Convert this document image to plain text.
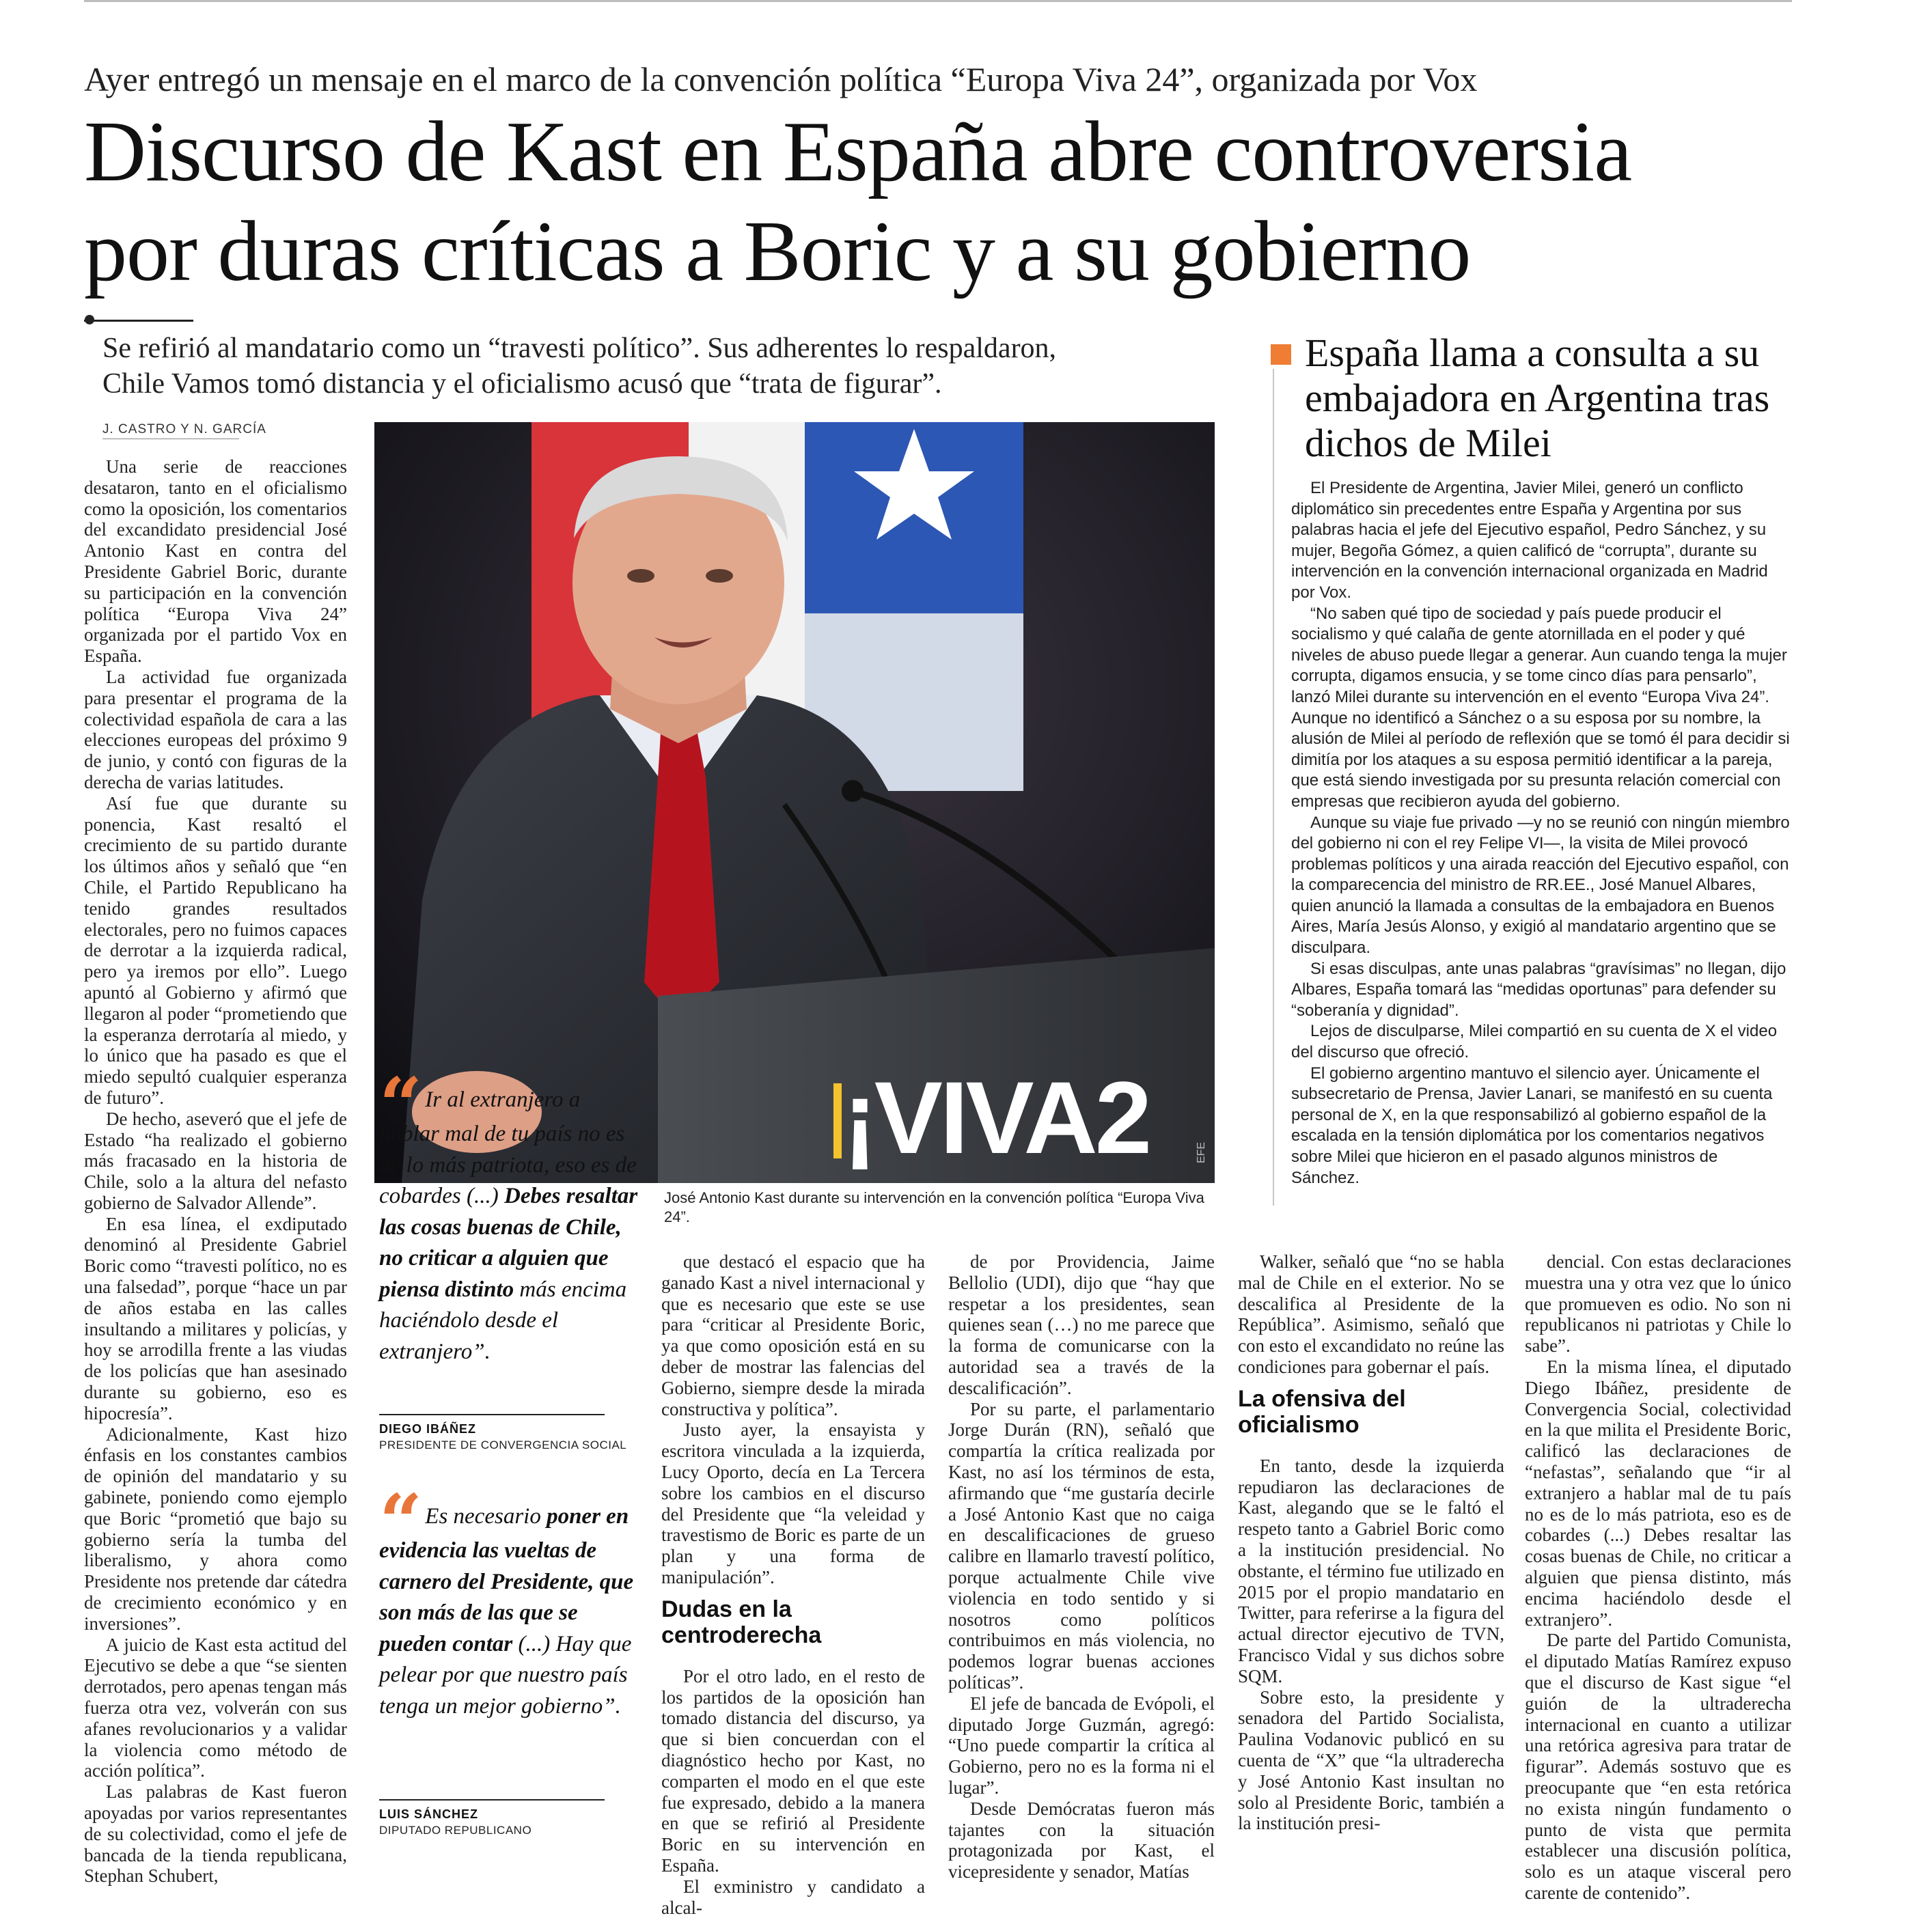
Ayer entregó un mensaje en el marco de la convención política “Europa Viva 24”, organizada por Vox
Discurso de Kast en España abre controversia
por duras críticas a Boric y a su gobierno
Se refirió al mandatario como un “travesti político”. Sus adherentes lo respaldaron,
Chile Vamos tomó distancia y el oficialismo acusó que “trata de figurar”.
J. CASTRO Y N. GARCÍA

Una serie de reacciones desataron, tanto en el oficialismo como la oposición, los comentarios del excandidato presidencial José Antonio Kast en contra del Presidente Gabriel Boric, durante su participación en la convención política “Europa Viva 24” organizada por el partido Vox en España.

La actividad fue organizada para presentar el programa de la colectividad española de cara a las elecciones europeas del próximo 9 de junio, y contó con figuras de la derecha de varias latitudes.

Así fue que durante su ponencia, Kast resaltó el crecimiento de su partido durante los últimos años y señaló que “en Chile, el Partido Republicano ha tenido grandes resultados electorales, pero no fuimos capaces de derrotar a la izquierda radical, pero ya iremos por ello”. Luego apuntó al Gobierno y afirmó que llegaron al poder “prometiendo que la esperanza derrotaría al miedo, y lo único que ha pasado es que el miedo sepultó cualquier esperanza de futuro”.

De hecho, aseveró que el jefe de Estado “ha realizado el gobierno más fracasado en la historia de Chile, solo a la altura del nefasto gobierno de Salvador Allende”.

En esa línea, el exdiputado denominó al Presidente Gabriel Boric como “travesti político, no es una falsedad”, porque “hace un par de años estaba en las calles insultando a militares y policías, y hoy se arrodilla frente a las viudas de los policías que han asesinado durante su gobierno, eso es hipocresía”.

Adicionalmente, Kast hizo énfasis en los constantes cambios de opinión del mandatario y su gabinete, poniendo como ejemplo que Boric “prometió que bajo su gobierno sería la tumba del liberalismo, y ahora como Presidente nos pretende dar cátedra de crecimiento económico y en inversiones”.

A juicio de Kast esta actitud del Ejecutivo se debe a que “se sienten derrotados, pero apenas tengan más fuerza otra vez, volverán con sus afanes revolucionarios y a validar la violencia como método de acción política”.

Las palabras de Kast fueron apoyadas por varios representantes de su colectividad, como el jefe de bancada de la tienda republicana, Stephan Schubert,

¡VIVA2	EFE
José Antonio Kast durante su intervención en la convención política “Europa Viva 24”.
“ Ir al extranjero a hablar mal de tu país no es de lo más patriota, eso es de cobardes (...) Debes resaltar las cosas buenas de Chile, no criticar a alguien que piensa distinto más encima haciéndolo desde el extranjero”.
DIEGO IBÁÑEZ
PRESIDENTE DE CONVERGENCIA SOCIAL
“ Es necesario poner en evidencia las vueltas de carnero del Presidente, que son más de las que se pueden contar (...) Hay que pelear por que nuestro país tenga un mejor gobierno”.
LUIS SÁNCHEZ
DIPUTADO REPUBLICANO

que destacó el espacio que ha ganado Kast a nivel internacional y que es necesario que este se use para “criticar al Presidente Boric, ya que como oposición está en su deber de mostrar las falencias del Gobierno, siempre desde la mirada constructiva y política”.

Justo ayer, la ensayista y escritora vinculada a la izquierda, Lucy Oporto, decía en La Tercera sobre los cambios en el discurso del Presidente que “la veleidad y travestismo de Boric es parte de un plan y una forma de manipulación”.

Dudas en la centroderecha

Por el otro lado, en el resto de los partidos de la oposición han tomado distancia del discurso, ya que si bien concuerdan con el diagnóstico hecho por Kast, no comparten el modo en el que este fue expresado, debido a la manera en que se refirió al Presidente Boric en su intervención en España.

El exministro y candidato a alcal-

de por Providencia, Jaime Bellolio (UDI), dijo que “hay que respetar a los presidentes, sean quienes sean (…) no me parece que la forma de comunicarse con la autoridad sea a través de la descalificación”.

Por su parte, el parlamentario Jorge Durán (RN), señaló que compartía la crítica realizada por Kast, no así los términos de esta, afirmando que “me gustaría decirle a José Antonio Kast que no caiga en descalificaciones de grueso calibre en llamarlo travestí político, porque actualmente Chile vive violencia en todo sentido y si nosotros como políticos contribuimos en más violencia, no podemos lograr buenas acciones políticas”.

El jefe de bancada de Evópoli, el diputado Jorge Guzmán, agregó: “Uno puede compartir la crítica al Gobierno, pero no es la forma ni el lugar”.

Desde Demócratas fueron más tajantes con la situación protagonizada por Kast, el vicepresidente y senador, Matías

Walker, señaló que “no se habla mal de Chile en el exterior. No se descalifica al Presidente de la República”. Asimismo, señaló que con esto el excandidato no reúne las condiciones para gobernar el país.

La ofensiva del oficialismo

En tanto, desde la izquierda repudiaron las declaraciones de Kast, alegando que se le faltó el respeto tanto a Gabriel Boric como a la institución presidencial. No obstante, el término fue utilizado en 2015 por el propio mandatario en Twitter, para referirse a la figura del actual director ejecutivo de TVN, Francisco Vidal y sus dichos sobre SQM.

Sobre esto, la presidente y senadora del Partido Socialista, Paulina Vodanovic publicó en su cuenta de “X” que “la ultraderecha y José Antonio Kast insultan no solo al Presidente Boric, también a la institución presi-

dencial. Con estas declaraciones muestra una y otra vez que lo único que promueven es odio. No son ni republicanos ni patriotas y Chile lo sabe”.

En la misma línea, el diputado Diego Ibáñez, presidente de Convergencia Social, colectividad en la que milita el Presidente Boric, calificó las declaraciones de “nefastas”, señalando que “ir al extranjero a hablar mal de tu país no es de lo más patriota, eso es de cobardes (...) Debes resaltar las cosas buenas de Chile, no criticar a alguien que piensa distinto, más encima haciéndolo desde el extranjero”.

De parte del Partido Comunista, el diputado Matías Ramírez expuso que el discurso de Kast sigue “el guión de la ultraderecha internacional en cuanto a utilizar una retórica agresiva para tratar de figurar”. Además sostuvo que es preocupante que “en esta retórica no exista ningún fundamento o punto de vista que permita establecer una discusión política, solo es un ataque visceral pero carente de contenido”.

España llama a consulta a su embajadora en Argentina tras dichos de Milei

El Presidente de Argentina, Javier Milei, generó un conflicto diplomático sin precedentes entre España y Argentina por sus palabras hacia el jefe del Ejecutivo español, Pedro Sánchez, y su mujer, Begoña Gómez, a quien calificó de “corrupta”, durante su intervención en la convención internacional organizada en Madrid por Vox.

“No saben qué tipo de sociedad y país puede producir el socialismo y qué calaña de gente atornillada en el poder y qué niveles de abuso puede llegar a generar. Aun cuando tenga la mujer corrupta, digamos ensucia, y se tome cinco días para pensarlo”, lanzó Milei durante su intervención en el evento “Europa Viva 24”. Aunque no identificó a Sánchez o a su esposa por su nombre, la alusión de Milei al período de reflexión que se tomó él para decidir si dimitía por los ataques a su esposa permitió identificar a la pareja, que está siendo investigada por su presunta relación comercial con empresas que recibieron ayuda del gobierno.

Aunque su viaje fue privado —y no se reunió con ningún miembro del gobierno ni con el rey Felipe VI—, la visita de Milei provocó problemas políticos y una airada reacción del Ejecutivo español, con la comparecencia del ministro de RR.EE., José Manuel Albares, quien anunció la llamada a consultas de la embajadora en Buenos Aires, María Jesús Alonso, y exigió al mandatario argentino que se disculpara.

Si esas disculpas, ante unas palabras “gravísimas” no llegan, dijo Albares, España tomará las “medidas oportunas” para defender su “soberanía y dignidad”.

Lejos de disculparse, Milei compartió en su cuenta de X el video del discurso que ofreció.

El gobierno argentino mantuvo el silencio ayer. Únicamente el subsecretario de Prensa, Javier Lanari, se manifestó en su cuenta personal de X, en la que responsabilizó al gobierno español de la escalada en la tensión diplomática por los comentarios negativos sobre Milei que hicieron en el pasado algunos ministros de Sánchez.
